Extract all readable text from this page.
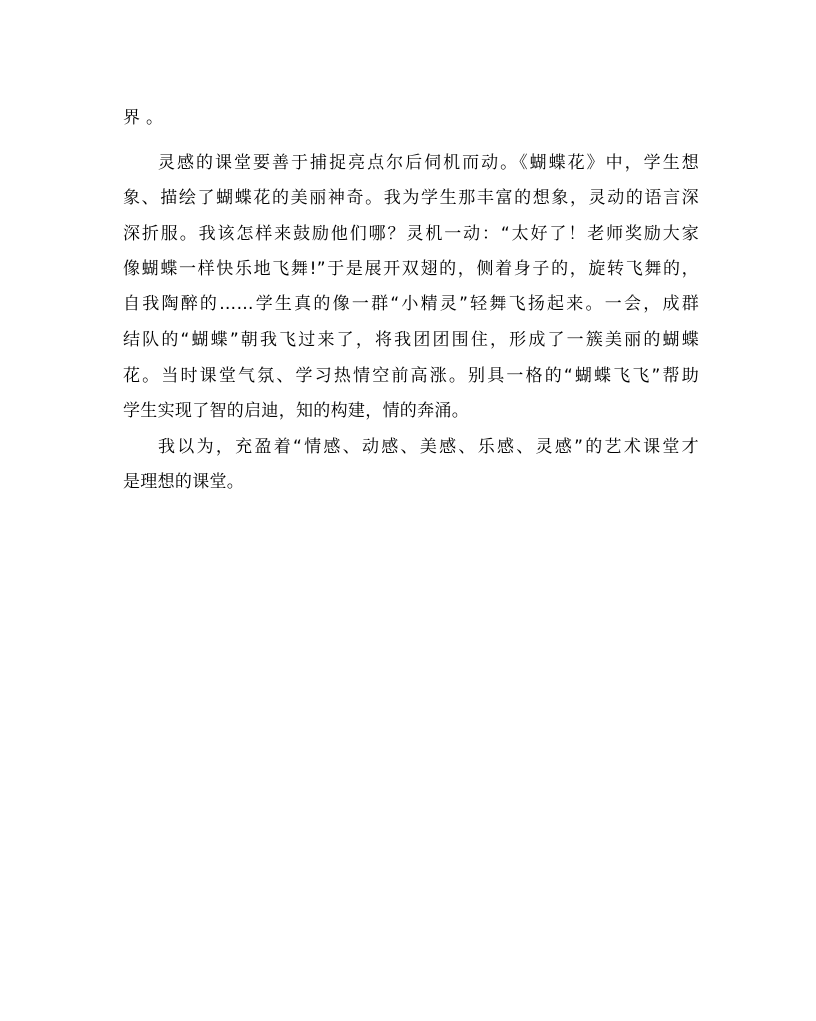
界 。
灵感的课堂要善于捕捉亮点尔后伺机而动。《蝴蝶花》中，学生想
象、描绘了蝴蝶花的美丽神奇。我为学生那丰富的想象，灵动的语言深
深折服。我该怎样来鼓励他们哪？灵机一动：“太好了！老师奖励大家
像蝴蝶一样快乐地飞舞!”于是展开双翅的，侧着身子的，旋转飞舞的，
自我陶醉的……学生真的像一群“小精灵”轻舞飞扬起来。一会，成群
结队的“蝴蝶”朝我飞过来了，将我团团围住，形成了一簇美丽的蝴蝶
花。当时课堂气氛、学习热情空前高涨。别具一格的“蝴蝶飞飞”帮助
学生实现了智的启迪，知的构建，情的奔涌。
我以为，充盈着“情感、动感、美感、乐感、灵感”的艺术课堂才
是理想的课堂。
